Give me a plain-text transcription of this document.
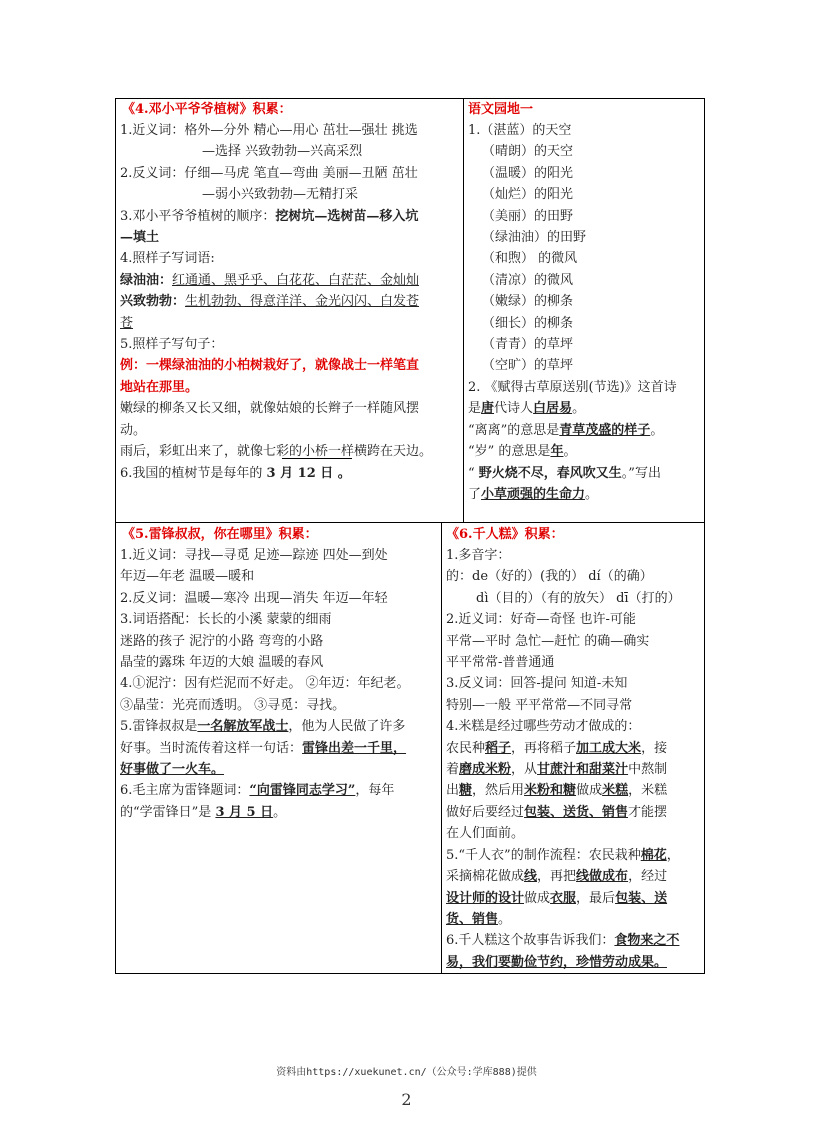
《4.邓小平爷爷植树》积累：
1.近义词：格外—分外 精心—用心 茁壮—强壮 挑选
—选择 兴致勃勃—兴高采烈
2.反义词：仔细—马虎 笔直—弯曲 美丽—丑陋 茁壮
—弱小兴致勃勃—无精打采
3.邓小平爷爷植树的顺序：挖树坑—选树苗—移入坑
—填土
4.照样子写词语:
绿油油：红通通、黑乎乎、白花花、白茫茫、金灿灿
兴致勃勃：生机勃勃、得意洋洋、金光闪闪、白发苍
苍
5.照样子写句子：
例：一棵绿油油的小柏树栽好了，就像战士一样笔直
地站在那里。
嫩绿的柳条又长又细，就像姑娘的长辫子一样随风摆
动。
雨后，彩虹出来了，就像七彩的小桥一样横跨在天边。
6.我国的植树节是每年的 3 月 12 日 。
语文园地一
1.（湛蓝）的天空
（晴朗）的天空
（温暖）的阳光
（灿烂）的阳光
（美丽）的田野
（绿油油）的田野
（和煦） 的微风
（清凉）的微风
（嫩绿）的柳条
（细长）的柳条
（青青）的草坪
（空旷）的草坪
2. 《赋得古草原送别(节选)》这首诗
是唐代诗人白居易。
“离离”的意思是青草茂盛的样子。
“岁” 的意思是年。
“ 野火烧不尽，春风吹又生。”写出
了小草顽强的生命力。
《5.雷锋叔叔，你在哪里》积累：
1.近义词：寻找—寻觅 足迹—踪迹 四处—到处
年迈—年老 温暖—暖和
2.反义词：温暖—寒冷 出现—消失 年迈—年轻
3.词语搭配：长长的小溪 蒙蒙的细雨
迷路的孩子 泥泞的小路 弯弯的小路
晶莹的露珠 年迈的大娘 温暖的春风
4.①泥泞：因有烂泥而不好走。 ②年迈：年纪老。
③晶莹：光亮而透明。 ③寻觅：寻找。
5.雷锋叔叔是一名解放军战士，他为人民做了许多
好事。当时流传着这样一句话：雷锋出差一千里，
好事做了一火车。
6.毛主席为雷锋题词：“向雷锋同志学习”，每年
的“学雷锋日”是 3 月 5 日。
《6.千人糕》积累：
1.多音字：
的：de（好的）(我的） dí（的确）
dì（目的）（有的放矢） dī（打的）
2.近义词：好奇—奇怪 也许-可能
平常—平时 急忙—赶忙 的确—确实
平平常常-普普通通
3.反义词：回答-提问 知道-未知
特别—一般 平平常常—不同寻常
4.米糕是经过哪些劳动才做成的：
农民种稻子，再将稻子加工成大米，接
着磨成米粉，从甘蔗汁和甜菜汁中熬制
出糖，然后用米粉和糖做成米糕，米糕
做好后要经过包装、送货、销售才能摆
在人们面前。
5.“千人衣”的制作流程：农民栽种棉花，
采摘棉花做成线，再把线做成布，经过
设计师的设计做成衣服，最后包装、送
货、销售。
6.千人糕这个故事告诉我们：食物来之不
易，我们要勤俭节约，珍惜劳动成果。
资料由https://xuekunet.cn/（公众号:学库888)提供
2
